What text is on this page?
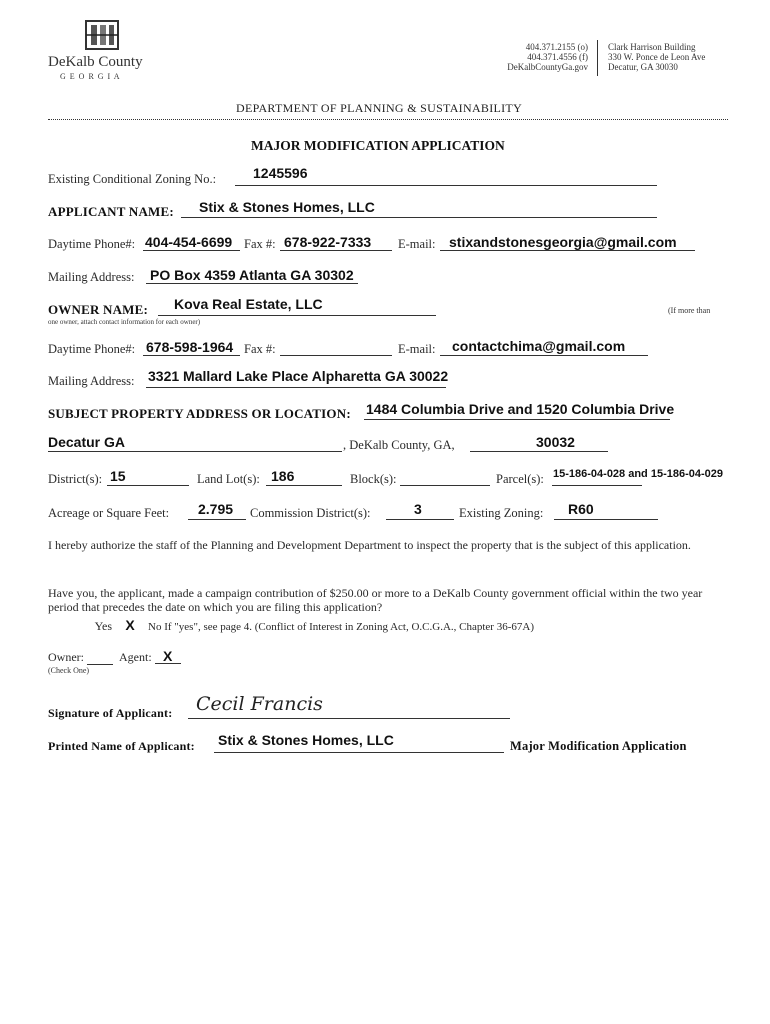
DeKalb County
G E O R G I A
404.371.2155 (o)
404.371.4556 (f)
DeKalbCountyGa.gov
Clark Harrison Building
330 W. Ponce de Leon Ave
Decatur, GA 30030
DEPARTMENT OF PLANNING & SUSTAINABILITY
MAJOR MODIFICATION APPLICATION
Existing Conditional Zoning No.:	1245596
APPLICANT NAME: Stix & Stones Homes, LLC
Daytime Phone#: 404-454-6699 Fax #: 678-922-7333 E-mail: stixandstonesgeorgia@gmail.com
Mailing Address: PO Box 4359 Atlanta GA 30302
OWNER NAME: Kova Real Estate, LLC	(If more than
one owner, attach contact information for each owner)
Daytime Phone#: 678-598-1964 Fax #:	E-mail: contactchima@gmail.com
Mailing Address: 3321 Mallard Lake Place Alpharetta GA 30022
SUBJECT PROPERTY ADDRESS OR LOCATION: 1484 Columbia Drive and 1520 Columbia Drive
Decatur GA	, DeKalb County, GA,	30032
District(s): 15	Land Lot(s): 186	Block(s):	Parcel(s): 15-186-04-028 and 15-186-04-029
Acreage or Square Feet: 2.795 Commission District(s):	3	Existing Zoning: R60
I hereby authorize the staff of the Planning and Development Department to inspect the property that is the subject of this application.
Have you, the applicant, made a campaign contribution of $250.00 or more to a DeKalb County government official within the two year period that precedes the date on which you are filing this application?
Yes X No If "yes", see page 4. (Conflict of Interest in Zoning Act, O.C.G.A., Chapter 36-67A)
Owner:	Agent: X
(Check One)
Signature of Applicant: Cecil Francis
Printed Name of Applicant: Stix & Stones Homes, LLC	Major Modification Application
